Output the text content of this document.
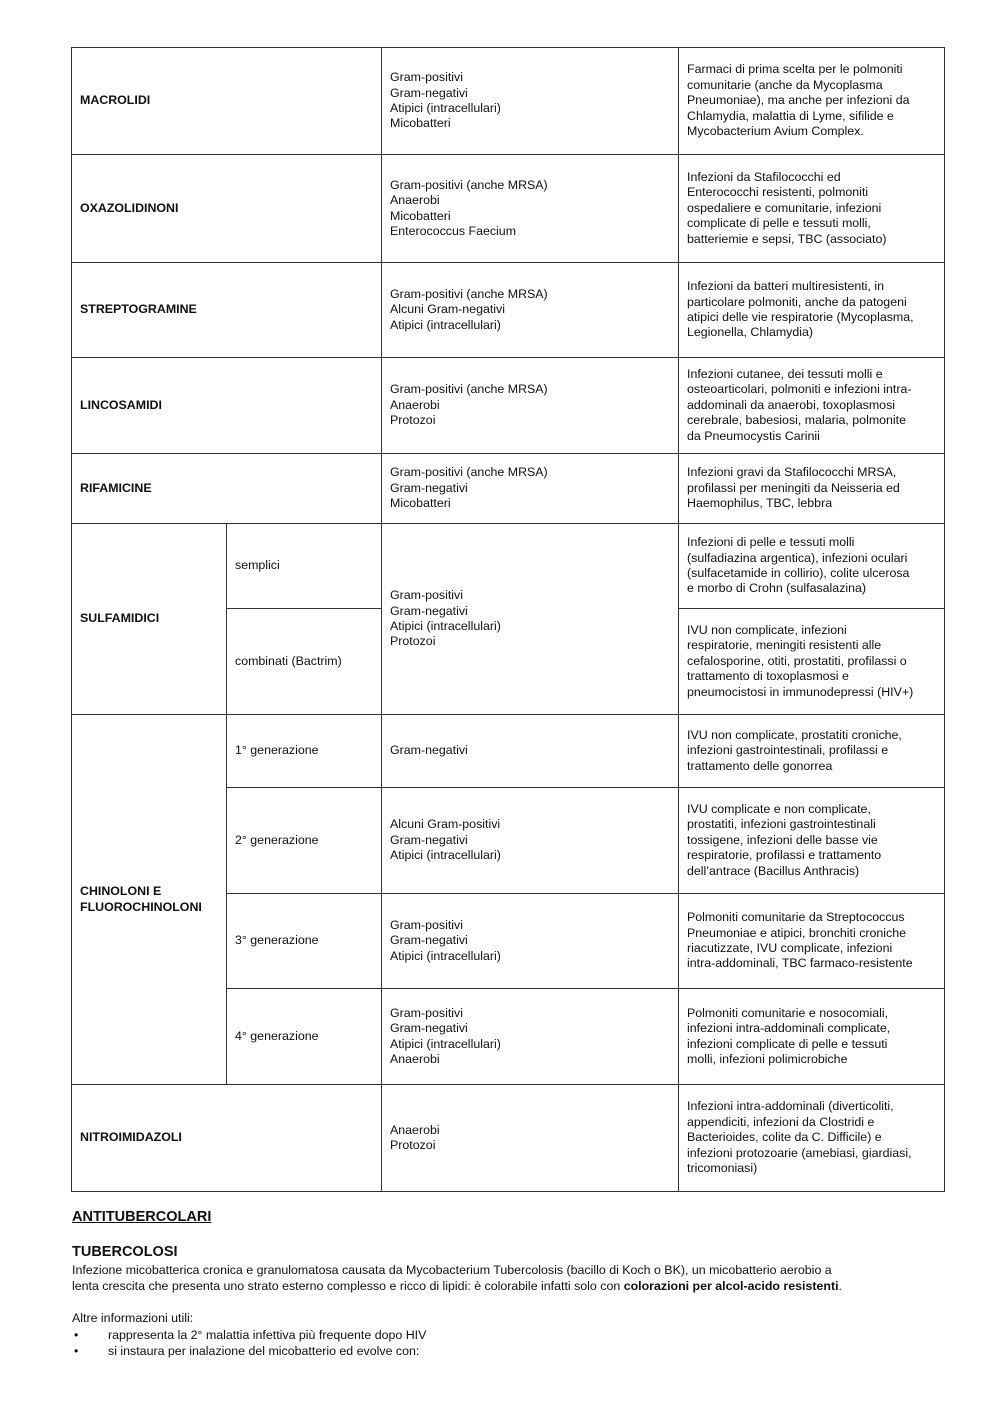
MACROLIDI		Gram-positivi
Gram-negativi
Atipici (intracellulari)
Micobatteri	Farmaci di prima scelta per le polmoniti
comunitarie (anche da Mycoplasma
Pneumoniae), ma anche per infezioni da
Chlamydia, malattia di Lyme, sifilide e
Mycobacterium Avium Complex.

OXAZOLIDINONI		Gram-positivi (anche MRSA)
Anaerobi
Micobatteri
Enterococcus Faecium	Infezioni da Stafilococchi ed
Enterococchi resistenti, polmoniti
ospedaliere e comunitarie, infezioni
complicate di pelle e tessuti molli,
batteriemie e sepsi, TBC (associato)

STREPTOGRAMINE		Gram-positivi (anche MRSA)
Alcuni Gram-negativi
Atipici (intracellulari)	Infezioni da batteri multiresistenti, in
particolare polmoniti, anche da patogeni
atipici delle vie respiratorie (Mycoplasma,
Legionella, Chlamydia)

LINCOSAMIDI		Gram-positivi (anche MRSA)
Anaerobi
Protozoi	Infezioni cutanee, dei tessuti molli e
osteoarticolari, polmoniti e infezioni intra-
addominali da anaerobi, toxoplasmosi
cerebrale, babesiosi, malaria, polmonite
da Pneumocystis Carinii

RIFAMICINE		Gram-positivi (anche MRSA)
Gram-negativi
Micobatteri	Infezioni gravi da Stafilococchi MRSA,
profilassi per meningiti da Neisseria ed
Haemophilus, TBC, lebbra

SULFAMIDICI	semplici	Gram-positivi
Gram-negativi
Atipici (intracellulari)
Protozoi	Infezioni di pelle e tessuti molli
(sulfadiazina argentica), infezioni oculari
(sulfacetamide in collirio), colite ulcerosa
e morbo di Crohn (sulfasalazina)

	combinati (Bactrim)		IVU non complicate, infezioni
respiratorie, meningiti resistenti alle
cefalosporine, otiti, prostatiti, profilassi o
trattamento di toxoplasmosi e
pneumocistosi in immunodepressi (HIV+)

CHINOLONI E
FLUOROCHINOLONI	1° generazione	Gram-negativi	IVU non complicate, prostatiti croniche,
infezioni gastrointestinali, profilassi e
trattamento delle gonorrea

	2° generazione	Alcuni Gram-positivi
Gram-negativi
Atipici (intracellulari)	IVU complicate e non complicate,
prostatiti, infezioni gastrointestinali
tossigene, infezioni delle basse vie
respiratorie, profilassi e trattamento
dell’antrace (Bacillus Anthracis)

	3° generazione	Gram-positivi
Gram-negativi
Atipici (intracellulari)	Polmoniti comunitarie da Streptococcus
Pneumoniae e atipici, bronchiti croniche
riacutizzate, IVU complicate, infezioni
intra-addominali, TBC farmaco-resistente

	4° generazione	Gram-positivi
Gram-negativi
Atipici (intracellulari)
Anaerobi	Polmoniti comunitarie e nosocomiali,
infezioni intra-addominali complicate,
infezioni complicate di pelle e tessuti
molli, infezioni polimicrobiche

NITROIMIDAZOLI		Anaerobi
Protozoi	Infezioni intra-addominali (diverticoliti,
appendiciti, infezioni da Clostridi e
Bacterioides, colite da C. Difficile) e
infezioni protozoarie (amebiasi, giardiasi,
tricomoniasi)
ANTITUBERCOLARI
TUBERCOLOSI
Infezione micobatterica cronica e granulomatosa causata da Mycobacterium Tubercolosis (bacillo di Koch o BK), un micobatterio aerobio a
lenta crescita che presenta uno strato esterno complesso e ricco di lipidi: è colorabile infatti solo con colorazioni per alcol-acido resistenti.
Altre informazioni utili:
• rappresenta la 2° malattia infettiva più frequente dopo HIV
• si instaura per inalazione del micobatterio ed evolve con:
